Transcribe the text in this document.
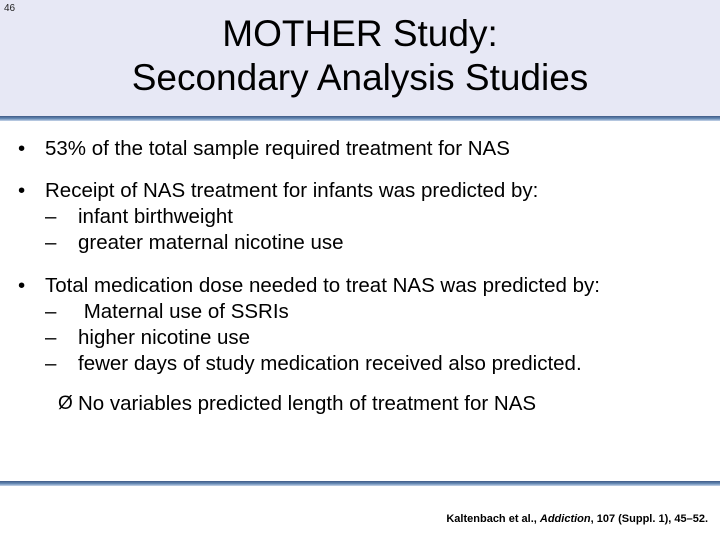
46
MOTHER Study:
Secondary Analysis Studies
• 53% of the total sample required treatment for NAS
• Receipt of NAS treatment for infants was predicted by:
– infant birthweight
– greater maternal nicotine use
• Total medication dose needed to treat NAS was predicted by:
– Maternal use of SSRIs
– higher nicotine use
– fewer days of study medication received also predicted.
Ø No variables predicted length of treatment for NAS
Kaltenbach et al., Addiction, 107 (Suppl. 1), 45–52.
